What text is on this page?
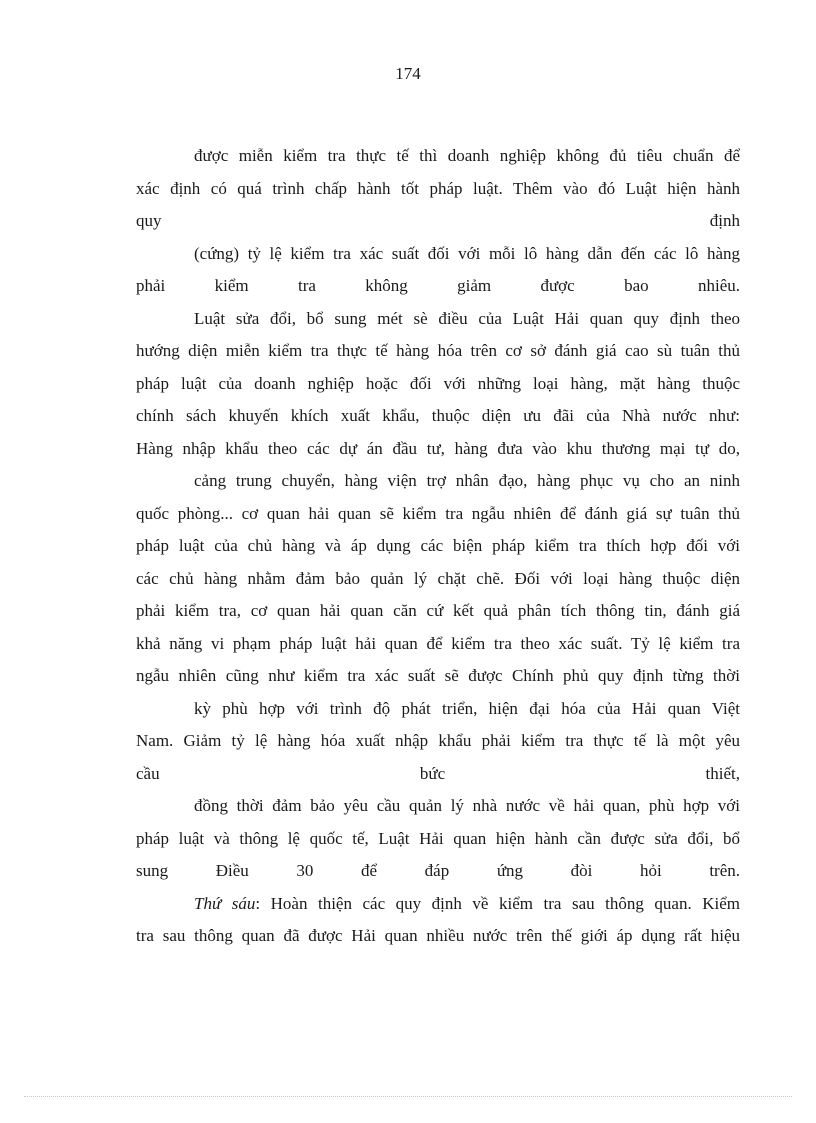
174
được miễn kiểm tra thực tế thì doanh nghiệp không đủ tiêu chuẩn để
xác định có quá trình chấp hành tốt pháp luật. Thêm vào đó Luật hiện hành
quy định
(cứng) tỷ lệ kiểm tra xác suất đối với mỗi lô hàng dẫn đến các lô hàng
phải kiểm tra không giảm được bao nhiêu.
Luật sửa đổi, bổ sung mét sè điều của Luật Hải quan quy định theo
hướng diện miễn kiểm tra thực tế hàng hóa trên cơ sở đánh giá cao sù tuân thủ
pháp luật của doanh nghiệp hoặc đối với những loại hàng, mặt hàng thuộc
chính sách khuyến khích xuất khẩu, thuộc diện ưu đãi của Nhà nước như:
Hàng nhập khẩu theo các dự án đầu tư, hàng đưa vào khu thương mại tự do,
cảng trung chuyển, hàng viện trợ nhân đạo, hàng phục vụ cho an ninh
quốc phòng... cơ quan hải quan sẽ kiểm tra ngẫu nhiên để đánh giá sự tuân thủ
pháp luật của chủ hàng và áp dụng các biện pháp kiểm tra thích hợp đối với
các chủ hàng nhằm đảm bảo quản lý chặt chẽ. Đối với loại hàng thuộc diện
phải kiểm tra, cơ quan hải quan căn cứ kết quả phân tích thông tin, đánh giá
khả năng vi phạm pháp luật hải quan để kiểm tra theo xác suất. Tỷ lệ kiểm tra
ngẫu nhiên cũng như kiểm tra xác suất sẽ được Chính phủ quy định từng thời
kỳ phù hợp với trình độ phát triển, hiện đại hóa của Hải quan Việt
Nam. Giảm tỷ lệ hàng hóa xuất nhập khẩu phải kiểm tra thực tế là một yêu
cầu bức thiết,
đồng thời đảm bảo yêu cầu quản lý nhà nước về hải quan, phù hợp với
pháp luật và thông lệ quốc tế, Luật Hải quan hiện hành cần được sửa đổi, bổ
sung Điều 30 để đáp ứng đòi hỏi trên.
Thứ sáu: Hoàn thiện các quy định về kiểm tra sau thông quan. Kiểm
tra sau thông quan đã được Hải quan nhiều nước trên thế giới áp dụng rất hiệu
